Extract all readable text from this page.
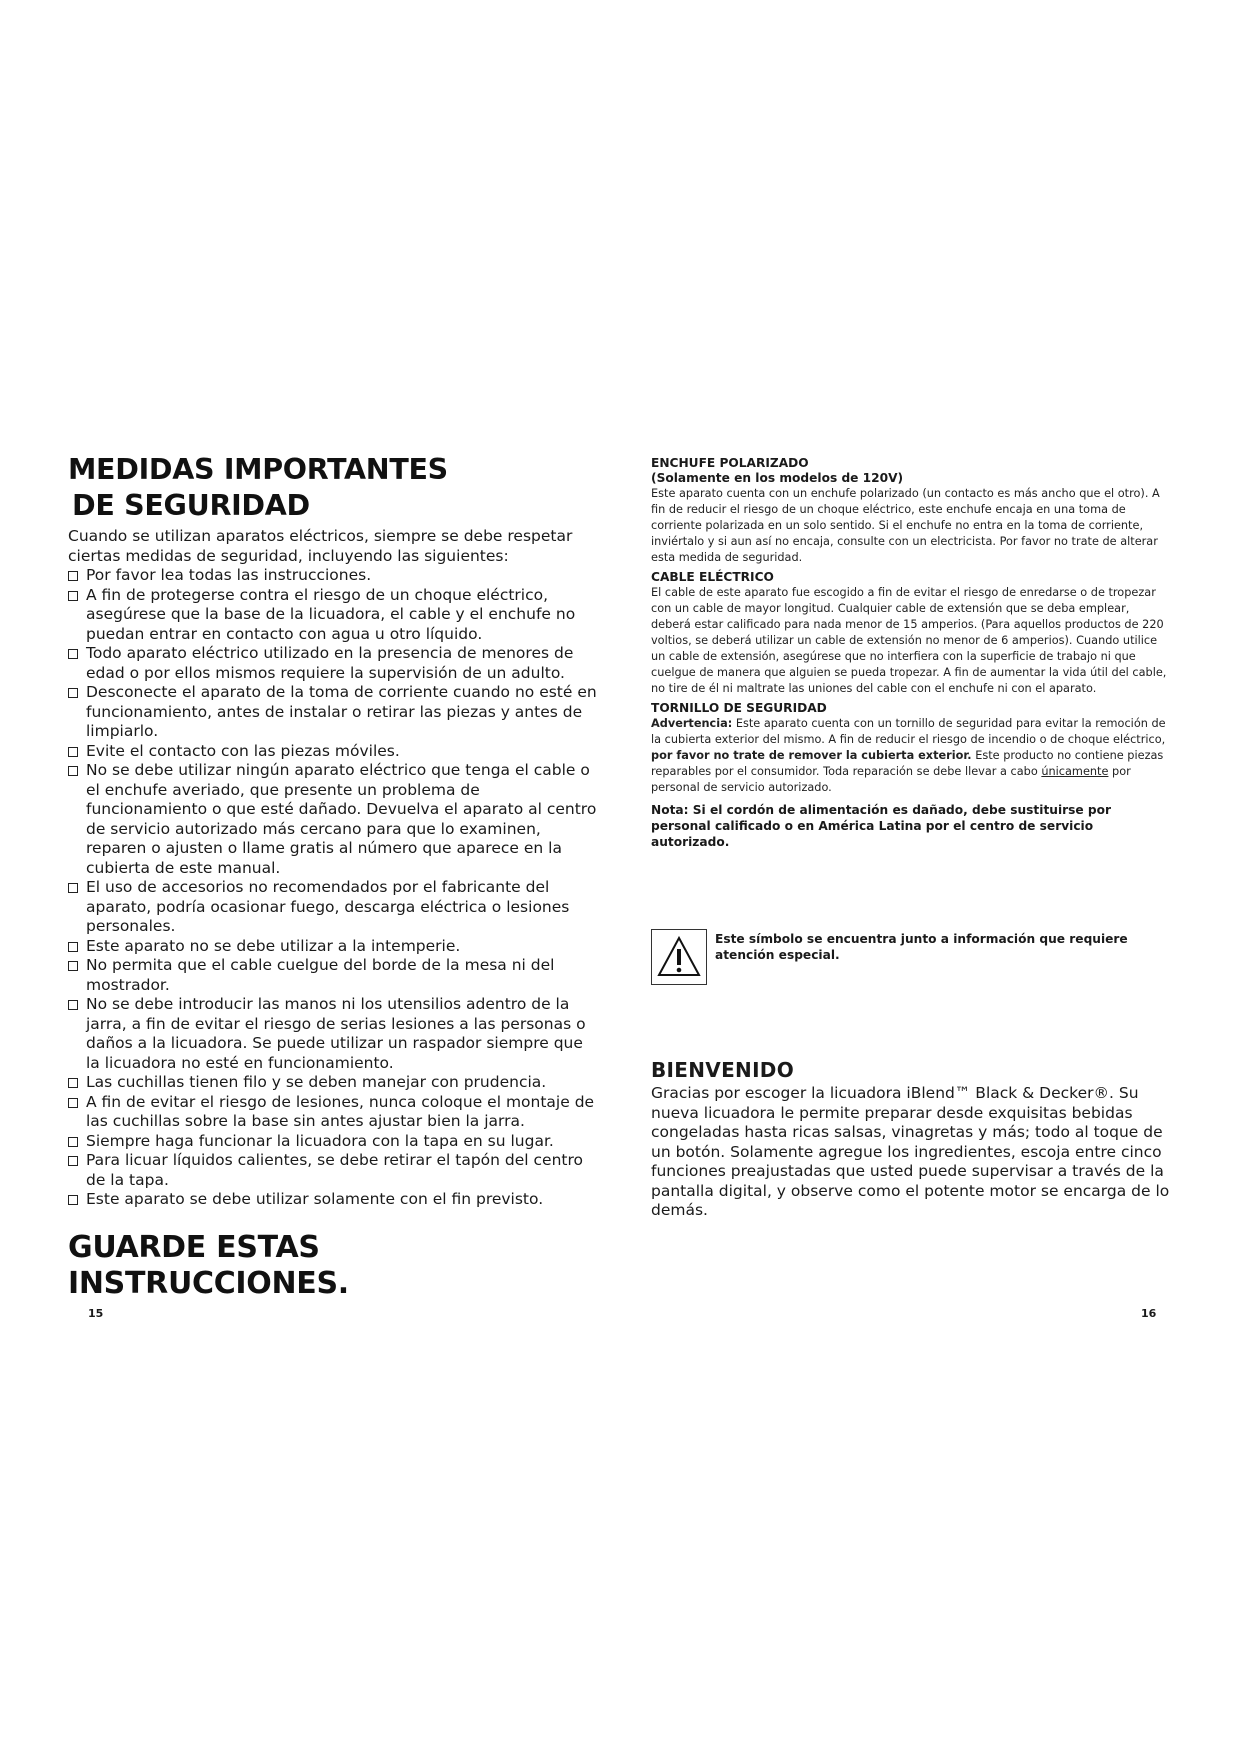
MEDIDAS IMPORTANTES

DE SEGURIDAD

Cuando se utilizan aparatos eléctricos, siempre se debe respetar ciertas medidas de seguridad, incluyendo las siguientes:

Por favor lea todas las instrucciones.
A fin de protegerse contra el riesgo de un choque eléctrico, asegúrese que la base de la licuadora, el cable y el enchufe no puedan entrar en contacto con agua u otro líquido.
Todo aparato eléctrico utilizado en la presencia de menores de edad o por ellos mismos requiere la supervisión de un adulto.
Desconecte el aparato de la toma de corriente cuando no esté en funcionamiento, antes de instalar o retirar las piezas y antes de limpiarlo.
Evite el contacto con las piezas móviles.
No se debe utilizar ningún aparato eléctrico que tenga el cable o el enchufe averiado, que presente un problema de funcionamiento o que esté dañado. Devuelva el aparato al centro de servicio autorizado más cercano para que lo examinen, reparen o ajusten o llame gratis al número que aparece en la cubierta de este manual.
El uso de accesorios no recomendados por el fabricante del aparato, podría ocasionar fuego, descarga eléctrica o lesiones personales.
Este aparato no se debe utilizar a la intemperie.
No permita que el cable cuelgue del borde de la mesa ni del mostrador.
No se debe introducir las manos ni los utensilios adentro de la jarra, a fin de evitar el riesgo de serias lesiones a las personas o daños a la licuadora. Se puede utilizar un raspador siempre que la licuadora no esté en funcionamiento.
Las cuchillas tienen filo y se deben manejar con prudencia.
A fin de evitar el riesgo de lesiones, nunca coloque el montaje de las cuchillas sobre la base sin antes ajustar bien la jarra.
Siempre haga funcionar la licuadora con la tapa en su lugar.
Para licuar líquidos calientes, se debe retirar el tapón del centro de la tapa.
Este aparato se debe utilizar solamente con el fin previsto.

GUARDE ESTAS INSTRUCCIONES.

15

ENCHUFE POLARIZADO

(Solamente en los modelos de 120V)

Este aparato cuenta con un enchufe polarizado (un contacto es más ancho que el otro). A fin de reducir el riesgo de un choque eléctrico, este enchufe encaja en una toma de corriente polarizada en un solo sentido. Si el enchufe no entra en la toma de corriente, inviértalo y si aun así no encaja, consulte con un electricista. Por favor no trate de alterar esta medida de seguridad.

CABLE ELÉCTRICO

El cable de este aparato fue escogido a fin de evitar el riesgo de enredarse o de tropezar con un cable de mayor longitud. Cualquier cable de extensión que se deba emplear, deberá estar calificado para nada menor de 15 amperios. (Para aquellos productos de 220 voltios, se deberá utilizar un cable de extensión no menor de 6 amperios). Cuando utilice un cable de extensión, asegúrese que no interfiera con la superficie de trabajo ni que cuelgue de manera que alguien se pueda tropezar. A fin de aumentar la vida útil del cable, no tire de él ni maltrate las uniones del cable con el enchufe ni con el aparato.

TORNILLO DE SEGURIDAD

Advertencia: Este aparato cuenta con un tornillo de seguridad para evitar la remoción de la cubierta exterior del mismo. A fin de reducir el riesgo de incendio o de choque eléctrico, por favor no trate de remover la cubierta exterior. Este producto no contiene piezas reparables por el consumidor. Toda reparación se debe llevar a cabo únicamente por personal de servicio autorizado.

Nota: Si el cordón de alimentación es dañado, debe sustituirse por personal calificado o en América Latina por el centro de servicio autorizado.

Este símbolo se encuentra junto a información que requiere atención especial.

BIENVENIDO

Gracias por escoger la licuadora iBlend™ Black & Decker®. Su nueva licuadora le permite preparar desde exquisitas bebidas congeladas hasta ricas salsas, vinagretas y más; todo al toque de un botón. Solamente agregue los ingredientes, escoja entre cinco funciones preajustadas que usted puede supervisar a través de la pantalla digital, y observe como el potente motor se encarga de lo demás.

16
